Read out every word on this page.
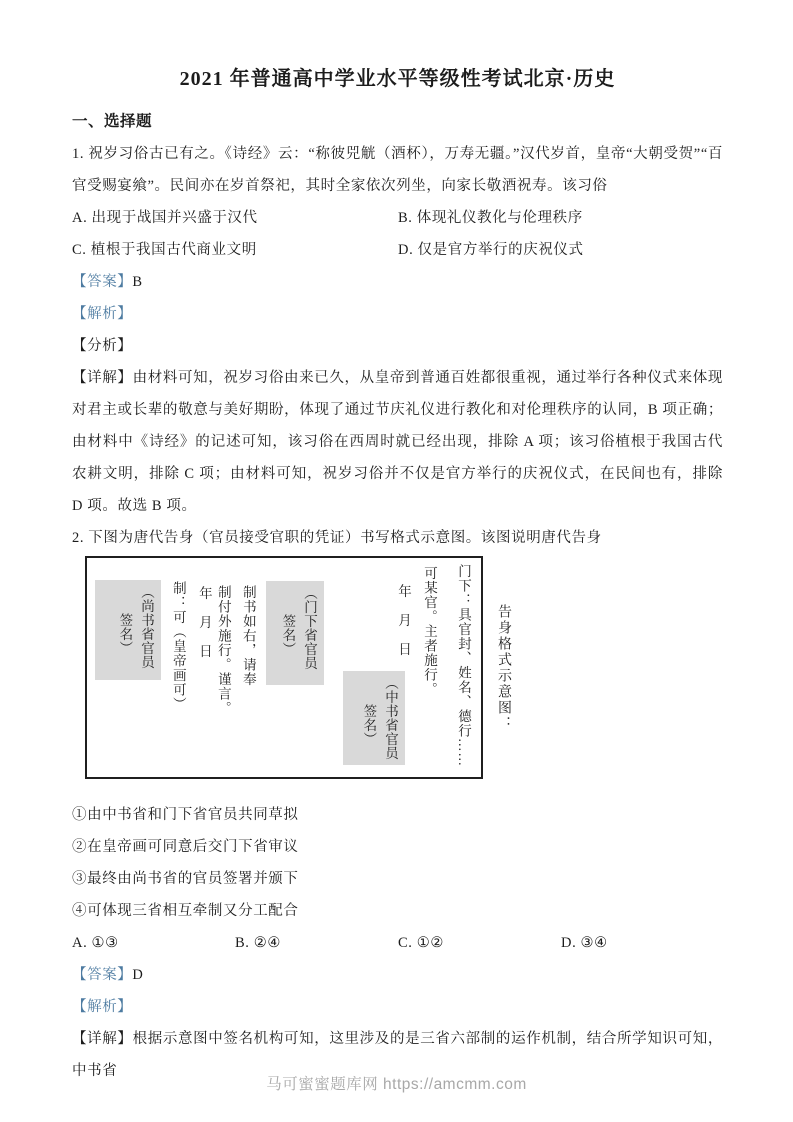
2021 年普通高中学业水平等级性考试北京·历史
一、选择题

1. 祝岁习俗古已有之。《诗经》云：“称彼兕觥（酒杯），万寿无疆。”汉代岁首，皇帝“大朝受贺”“百官受赐宴飨”。民间亦在岁首祭祀，其时全家依次列坐，向家长敬酒祝寿。该习俗

A. 出现于战国并兴盛于汉代	B. 体现礼仪教化与伦理秩序
C. 植根于我国古代商业文明	D. 仅是官方举行的庆祝仪式

【答案】B

【解析】

【分析】

【详解】由材料可知，祝岁习俗由来已久，从皇帝到普通百姓都很重视，通过举行各种仪式来体现对君主或长辈的敬意与美好期盼，体现了通过节庆礼仪进行教化和对伦理秩序的认同，B 项正确；由材料中《诗经》的记述可知，该习俗在西周时就已经出现，排除 A 项；该习俗植根于我国古代农耕文明，排除 C 项；由材料可知，祝岁习俗并不仅是官方举行的庆祝仪式，在民间也有，排除 D 项。故选 B 项。

2. 下图为唐代告身（官员接受官职的凭证）书写格式示意图。该图说明唐代告身

门下：具官封、姓名、德行……
可某官。主者施行。
年　月　日
（中书省官员
签名）
（门下省官员
签名）
制书如右，请奉
制付外施行。谨言。
年　月　日
制：可（皇帝画可）
（尚书省官员
签名）	告身格式示意图：

①由中书省和门下省官员共同草拟

②在皇帝画可同意后交门下省审议

③最终由尚书省的官员签署并颁下

④可体现三省相互牵制又分工配合

A. ①③	B. ②④	C. ①②	D. ③④

【答案】D

【解析】

【详解】根据示意图中签名机构可知，这里涉及的是三省六部制的运作机制，结合所学知识可知，中书省

马可蜜蜜题库网 https://amcmm.com
